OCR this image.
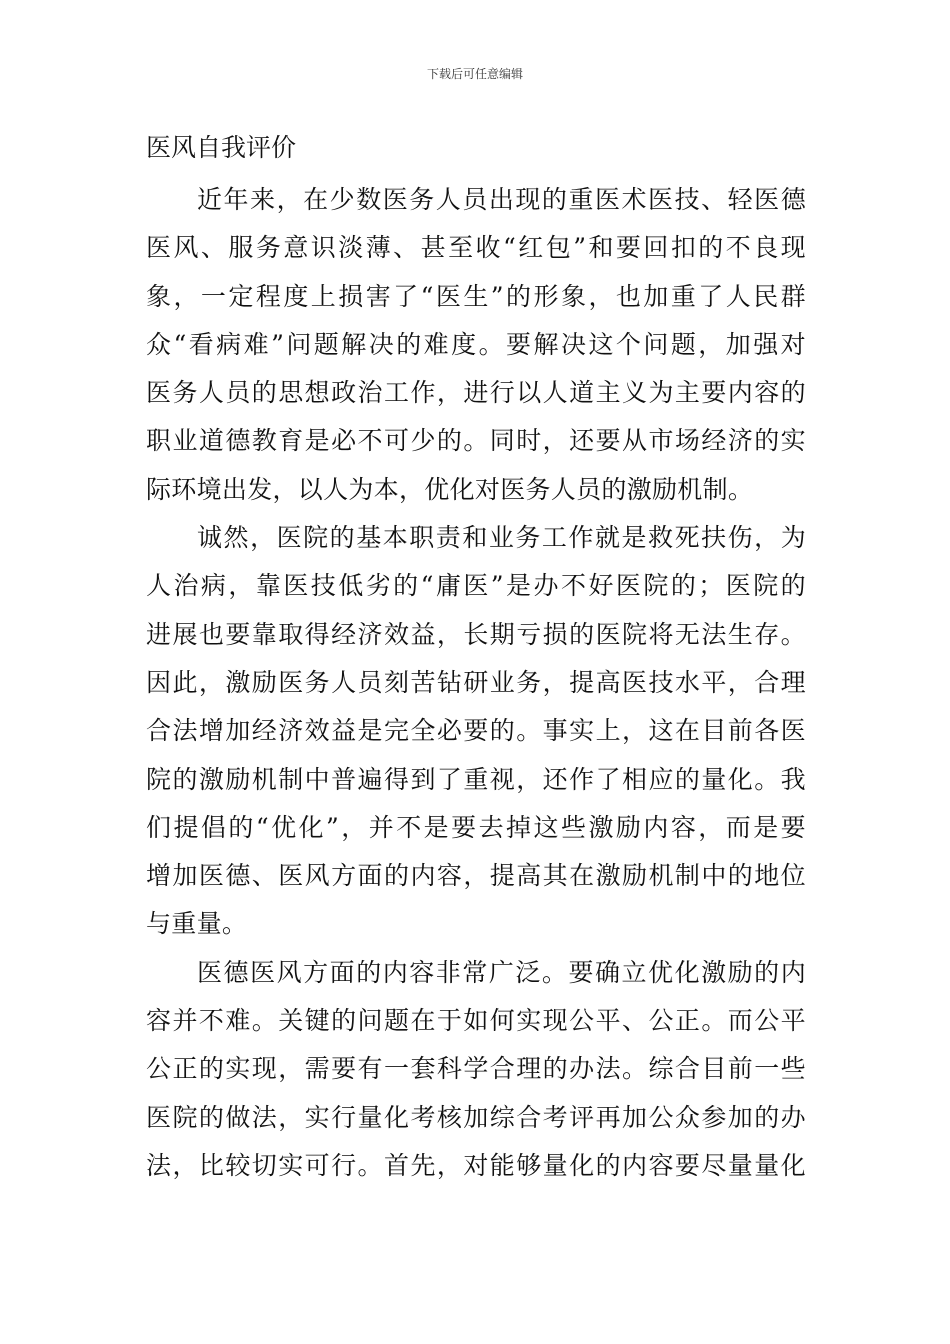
下载后可任意编辑
医风自我评价
近年来，在少数医务人员出现的重医术医技、轻医德
医风、服务意识淡薄、甚至收“红包”和要回扣的不良现
象，一定程度上损害了“医生”的形象，也加重了人民群
众“看病难”问题解决的难度。要解决这个问题，加强对
医务人员的思想政治工作，进行以人道主义为主要内容的
职业道德教育是必不可少的。同时，还要从市场经济的实
际环境出发，以人为本，优化对医务人员的激励机制。
诚然，医院的基本职责和业务工作就是救死扶伤，为
人治病，靠医技低劣的“庸医”是办不好医院的；医院的
进展也要靠取得经济效益，长期亏损的医院将无法生存。
因此，激励医务人员刻苦钻研业务，提高医技水平，合理
合法增加经济效益是完全必要的。事实上，这在目前各医
院的激励机制中普遍得到了重视，还作了相应的量化。我
们提倡的“优化”，并不是要去掉这些激励内容，而是要
增加医德、医风方面的内容，提高其在激励机制中的地位
与重量。
医德医风方面的内容非常广泛。要确立优化激励的内
容并不难。关键的问题在于如何实现公平、公正。而公平
公正的实现，需要有一套科学合理的办法。综合目前一些
医院的做法，实行量化考核加综合考评再加公众参加的办
法，比较切实可行。首先，对能够量化的内容要尽量量化
